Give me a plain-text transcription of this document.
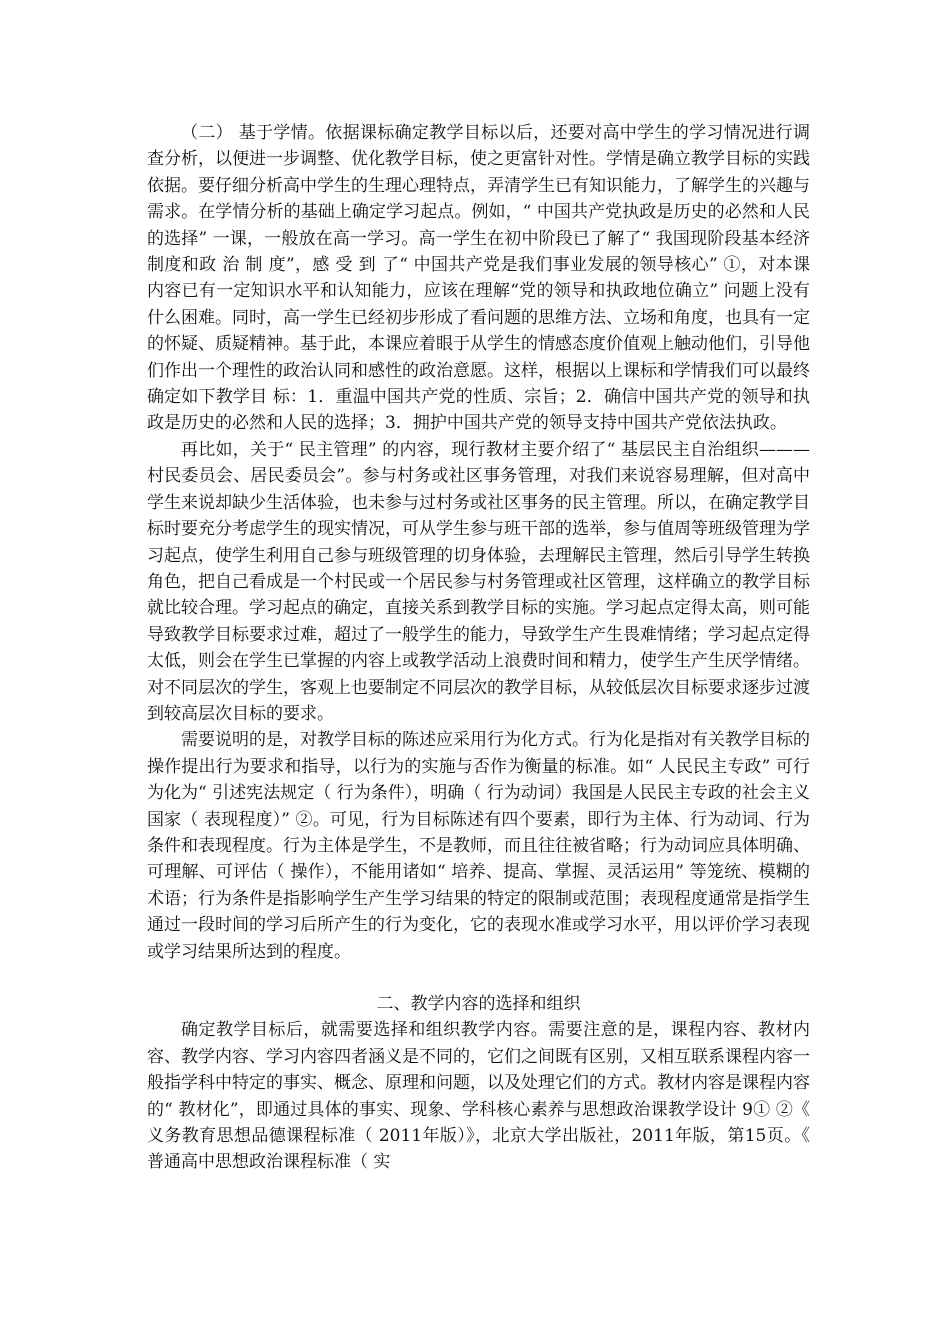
（二） 基于学情。依据课标确定教学目标以后，还要对高中学生的学习情况进行调查分析，以便进一步调整、优化教学目标，使之更富针对性。学情是确立教学目标的实践依据。要仔细分析高中学生的生理心理特点，弄清学生已有知识能力，了解学生的兴趣与需求。在学情分析的基础上确定学习起点。例如，“ 中国共产党执政是历史的必然和人民的选择” 一课，一般放在高一学习。高一学生在初中阶段已了解了“ 我国现阶段基本经济制度和政 治 制 度”，感 受 到 了“ 中国共产党是我们事业发展的领导核心” ①，对本课内容已有一定知识水平和认知能力，应该在理解“党的领导和执政地位确立” 问题上没有什么困难。同时，高一学生已经初步形成了看问题的思维方法、立场和角度，也具有一定的怀疑、质疑精神。基于此，本课应着眼于从学生的情感态度价值观上触动他们，引导他们作出一个理性的政治认同和感性的政治意愿。这样，根据以上课标和学情我们可以最终确定如下教学目 标：1．重温中国共产党的性质、宗旨；2．确信中国共产党的领导和执政是历史的必然和人民的选择；3．拥护中国共产党的领导支持中国共产党依法执政。

再比如，关于“ 民主管理” 的内容，现行教材主要介绍了“ 基层民主自治组织———村民委员会、居民委员会”。参与村务或社区事务管理，对我们来说容易理解，但对高中学生来说却缺少生活体验，也未参与过村务或社区事务的民主管理。所以，在确定教学目标时要充分考虑学生的现实情况，可从学生参与班干部的选举，参与值周等班级管理为学习起点，使学生利用自己参与班级管理的切身体验，去理解民主管理，然后引导学生转换角色，把自己看成是一个村民或一个居民参与村务管理或社区管理，这样确立的教学目标就比较合理。学习起点的确定，直接关系到教学目标的实施。学习起点定得太高，则可能导致教学目标要求过难，超过了一般学生的能力，导致学生产生畏难情绪；学习起点定得太低，则会在学生已掌握的内容上或教学活动上浪费时间和精力，使学生产生厌学情绪。对不同层次的学生，客观上也要制定不同层次的教学目标，从较低层次目标要求逐步过渡到较高层次目标的要求。

需要说明的是，对教学目标的陈述应采用行为化方式。行为化是指对有关教学目标的操作提出行为要求和指导，以行为的实施与否作为衡量的标准。如“ 人民民主专政” 可行为化为“ 引述宪法规定（ 行为条件），明确（ 行为动词）我国是人民民主专政的社会主义国家（ 表现程度）” ②。可见，行为目标陈述有四个要素，即行为主体、行为动词、行为条件和表现程度。行为主体是学生，不是教师，而且往往被省略；行为动词应具体明确、可理解、可评估（ 操作），不能用诸如“ 培养、提高、掌握、灵活运用” 等笼统、模糊的术语；行为条件是指影响学生产生学习结果的特定的限制或范围；表现程度通常是指学生通过一段时间的学习后所产生的行为变化，它的表现水准或学习水平，用以评价学习表现或学习结果所达到的程度。

二、教学内容的选择和组织

确定教学目标后，就需要选择和组织教学内容。需要注意的是，课程内容、教材内容、教学内容、学习内容四者涵义是不同的，它们之间既有区别，又相互联系课程内容一般指学科中特定的事实、概念、原理和问题，以及处理它们的方式。教材内容是课程内容的“ 教材化”，即通过具体的事实、现象、学科核心素养与思想政治课教学设计 9① ②《 义务教育思想品德课程标准（ 2011年版）》，北京大学出版社，2011年版，第15页。《 普通高中思想政治课程标准（ 实
